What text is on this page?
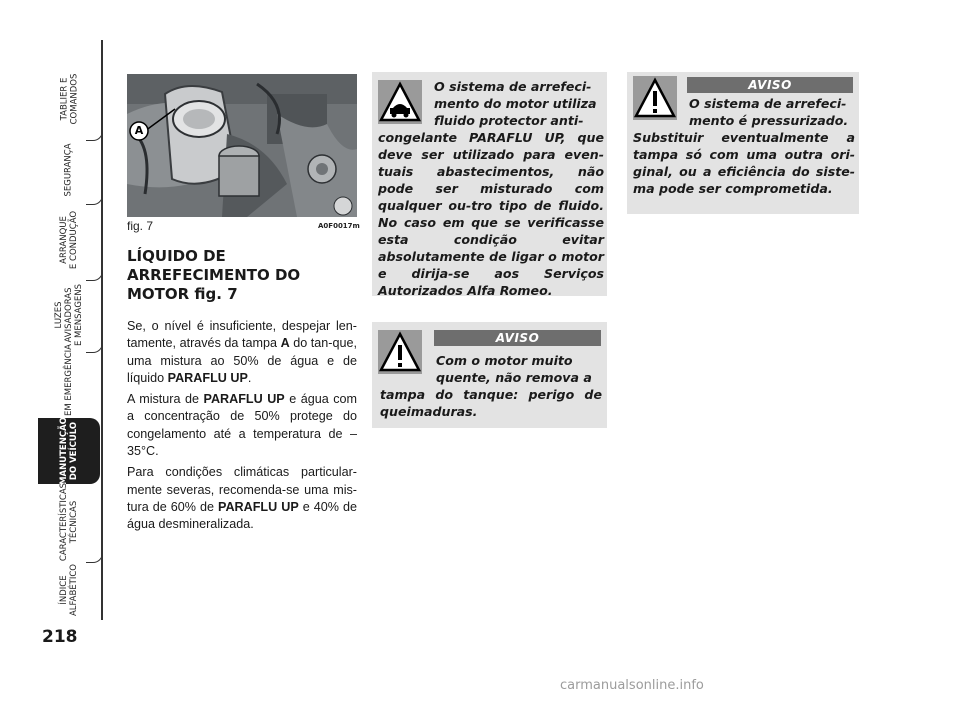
TABLIER E
COMANDOS
SEGURANÇA
ARRANQUE
E CONDUÇÃO
LUZES
AVISADORAS
E MENSAGENS
EM EMERGÊNCIA
MANUTENÇÃO
DO VEÍCULO
CARACTERÍSTICAS
TÉCNICAS
ÍNDICE
ALFABÉTICO
218
A
fig. 7	A0F0017m
LÍQUIDO DE ARREFECIMENTO DO MOTOR fig. 7

Se, o nível é insuficiente, despejar len-tamente, através da tampa A do tan-que, uma mistura ao 50% de água e de líquido PARAFLU UP.

A mistura de PARAFLU UP e água com a concentração de 50% protege do congelamento até a temperatura de –35°C.

Para condições climáticas particular-mente severas, recomenda-se uma mis-tura de 60% de PARAFLU UP e 40% de água desmineralizada.

O sistema de arrefeci-
mento do motor utiliza
fluido protector anti-
congelante PARAFLU UP, que deve ser utilizado para even-tuais abastecimentos, não pode ser misturado com qualquer ou-tro tipo de fluido. No caso em que se verificasse esta condição evitar absolutamente de ligar o motor e dirija-se aos Serviços Autorizados Alfa Romeo.
AVISO
Com o motor muito
quente, não remova a
tampa do tanque: perigo de queimaduras.
AVISO
O sistema de arrefeci-
mento é pressurizado.
Substituir eventualmente a tampa só com uma outra ori-ginal, ou a eficiência do siste-ma pode ser comprometida.
carmanualsonline.info
